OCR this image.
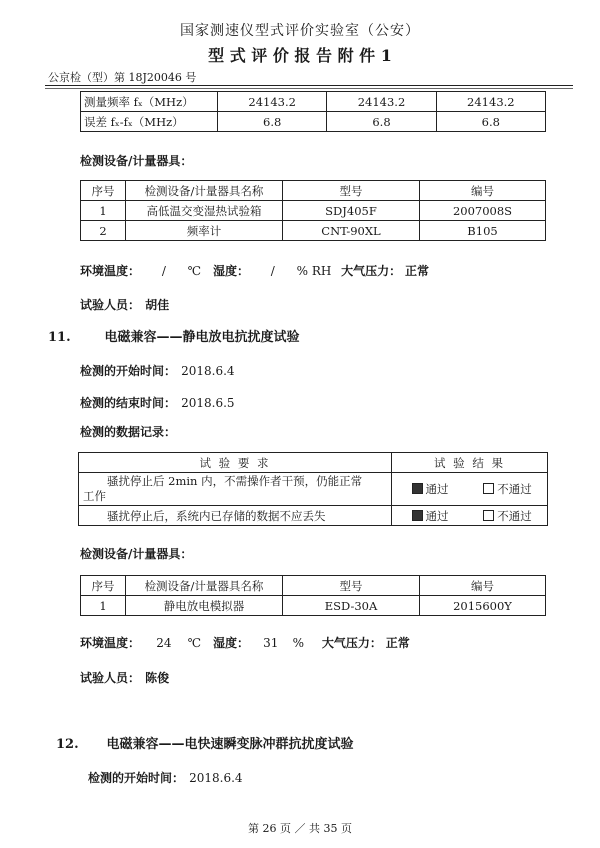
国家测速仪型式评价实验室（公安）
型 式 评 价 报 告 附 件 1
公京检（型）第 18J20046 号
测量频率 fₓ（MHz）	24143.2	24143.2	24143.2
误差 fₓ-fₓ（MHz）	6.8	6.8	6.8
检测设备/计量器具：
序号	检测设备/计量器具名称	型号	编号
1	高低温交变湿热试验箱	SDJ405F	2007008S
2	频率计	CNT-90XL	B105
环境温度： / ℃ 湿度： / % RH 大气压力： 正常
试验人员： 胡佳
11.	电磁兼容——静电放电抗扰度试验
检测的开始时间： 2018.6.4
检测的结束时间： 2018.6.5
检测的数据记录：
试 验 要 求	试 验 结 果	

骚扰停止后 2min 内，不需操作者干预，仍能正常
工作	通过	不通过
骚扰停止后，系统内已存储的数据不应丢失	通过	不通过
检测设备/计量器具：
序号	检测设备/计量器具名称	型号	编号
1	静电放电模拟器	ESD-30A	2015600Y
环境温度： 24 ℃ 湿度： 31 % 大气压力： 正常
试验人员： 陈俊
12. 电磁兼容——电快速瞬变脉冲群抗扰度试验
检测的开始时间： 2018.6.4
第 26 页 ／ 共 35 页
